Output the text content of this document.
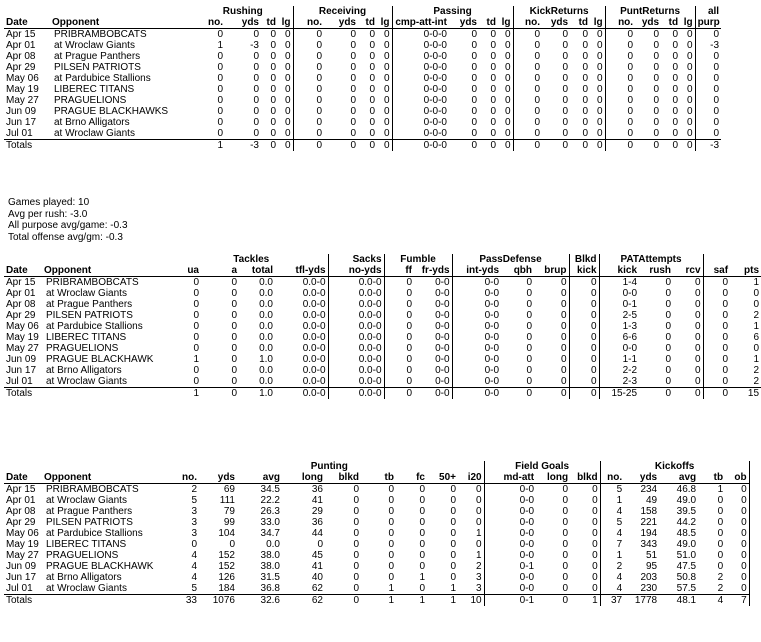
		Rushing				Receiving				Passing				KickReturns				PuntReturns				all
Date	Opponent	no.	yds	td	lg	no.	yds	td	lg	cmp-att-int	yds	td	lg	no.	yds	td	lg	no.	yds	td	lg	purp
Apr 15	PRIBRAMBOBCATS	0	0	0	0	0	0	0	0	0-0-0	0	0	0	0	0	0	0	0	0	0	0	0
Apr 01	at Wroclaw Giants	1	-3	0	0	0	0	0	0	0-0-0	0	0	0	0	0	0	0	0	0	0	0	-3
Apr 08	at Prague Panthers	0	0	0	0	0	0	0	0	0-0-0	0	0	0	0	0	0	0	0	0	0	0	0
Apr 29	PILSEN PATRIOTS	0	0	0	0	0	0	0	0	0-0-0	0	0	0	0	0	0	0	0	0	0	0	0
May 06	at Pardubice Stallions	0	0	0	0	0	0	0	0	0-0-0	0	0	0	0	0	0	0	0	0	0	0	0
May 19	LIBEREC TITANS	0	0	0	0	0	0	0	0	0-0-0	0	0	0	0	0	0	0	0	0	0	0	0
May 27	PRAGUELIONS	0	0	0	0	0	0	0	0	0-0-0	0	0	0	0	0	0	0	0	0	0	0	0
Jun 09	PRAGUE BLACKHAWKS	0	0	0	0	0	0	0	0	0-0-0	0	0	0	0	0	0	0	0	0	0	0	0
Jun 17	at Brno Alligators	0	0	0	0	0	0	0	0	0-0-0	0	0	0	0	0	0	0	0	0	0	0	0
Jul 01	at Wroclaw Giants	0	0	0	0	0	0	0	0	0-0-0	0	0	0	0	0	0	0	0	0	0	0	0
Totals		1	-3	0	0	0	0	0	0	0-0-0	0	0	0	0	0	0	0	0	0	0	0	-3
Games played: 10
Avg per rush: -3.0
All purpose avg/game: -0.3
Total offense avg/gm: -0.3
		Tackles				Sacks	Fumble		PassDefense			Blkd	PATAttempts				
Date	Opponent	ua	a	total	tfl-yds	no-yds	ff	fr-yds	int-yds	qbh	brup	kick	kick	rush	rcv	saf	pts
Apr 15	PRIBRAMBOBCATS	0	0	0.0	0.0-0	0.0-0	0	0-0	0-0	0	0	0	1-4	0	0	0	1
Apr 01	at Wroclaw Giants	0	0	0.0	0.0-0	0.0-0	0	0-0	0-0	0	0	0	0-0	0	0	0	0
Apr 08	at Prague Panthers	0	0	0.0	0.0-0	0.0-0	0	0-0	0-0	0	0	0	0-1	0	0	0	0
Apr 29	PILSEN PATRIOTS	0	0	0.0	0.0-0	0.0-0	0	0-0	0-0	0	0	0	2-5	0	0	0	2
May 06	at Pardubice Stallions	0	0	0.0	0.0-0	0.0-0	0	0-0	0-0	0	0	0	1-3	0	0	0	1
May 19	LIBEREC TITANS	0	0	0.0	0.0-0	0.0-0	0	0-0	0-0	0	0	0	6-6	0	0	0	6
May 27	PRAGUELIONS	0	0	0.0	0.0-0	0.0-0	0	0-0	0-0	0	0	0	0-0	0	0	0	0
Jun 09	PRAGUE BLACKHAWK	1	0	1.0	0.0-0	0.0-0	0	0-0	0-0	0	0	0	1-1	0	0	0	1
Jun 17	at Brno Alligators	0	0	0.0	0.0-0	0.0-0	0	0-0	0-0	0	0	0	2-2	0	0	0	2
Jul 01	at Wroclaw Giants	0	0	0.0	0.0-0	0.0-0	0	0-0	0-0	0	0	0	2-3	0	0	0	2
Totals		1	0	1.0	0.0-0	0.0-0	0	0-0	0-0	0	0	0	15-25	0	0	0	15
		Punting									Field Goals			Kickoffs				
Date	Opponent	no.	yds	avg	long	blkd	tb	fc	50+	i20	md-att	long	blkd	no.	yds	avg	tb	ob
Apr 15	PRIBRAMBOBCATS	2	69	34.5	36	0	0	0	0	0	0-0	0	0	5	234	46.8	1	0
Apr 01	at Wroclaw Giants	5	111	22.2	41	0	0	0	0	0	0-0	0	0	1	49	49.0	0	0
Apr 08	at Prague Panthers	3	79	26.3	29	0	0	0	0	0	0-0	0	0	4	158	39.5	0	0
Apr 29	PILSEN PATRIOTS	3	99	33.0	36	0	0	0	0	0	0-0	0	0	5	221	44.2	0	0
May 06	at Pardubice Stallions	3	104	34.7	44	0	0	0	0	1	0-0	0	0	4	194	48.5	0	0
May 19	LIBEREC TITANS	0	0	0.0	0	0	0	0	0	0	0-0	0	0	7	343	49.0	0	0
May 27	PRAGUELIONS	4	152	38.0	45	0	0	0	0	1	0-0	0	0	1	51	51.0	0	0
Jun 09	PRAGUE BLACKHAWK	4	152	38.0	41	0	0	0	0	2	0-1	0	0	2	95	47.5	0	0
Jun 17	at Brno Alligators	4	126	31.5	40	0	0	1	0	3	0-0	0	0	4	203	50.8	2	0
Jul 01	at Wroclaw Giants	5	184	36.8	62	0	1	0	1	3	0-0	0	0	4	230	57.5	2	0
Totals		33	1076	32.6	62	0	1	1	1	10	0-1	0	1	37	1778	48.1	4	7
